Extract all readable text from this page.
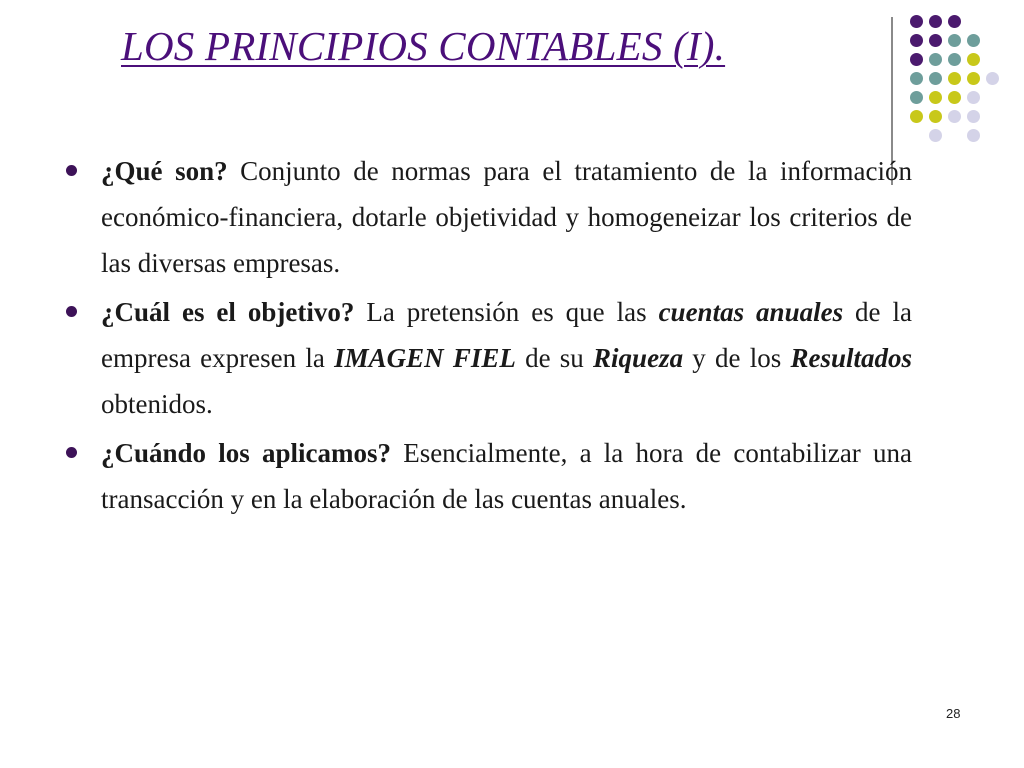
LOS PRINCIPIOS CONTABLES (I).
¿Qué son? Conjunto de normas para el tratamiento de la información económico-financiera, dotarle objetividad y homogeneizar los criterios de las diversas empresas.
¿Cuál es el objetivo? La pretensión es que las cuentas anuales de la empresa expresen la IMAGEN FIEL de su Riqueza y de los Resultados obtenidos.
¿Cuándo los aplicamos? Esencialmente, a la hora de contabilizar una transacción y en la elaboración de las cuentas anuales.
28
